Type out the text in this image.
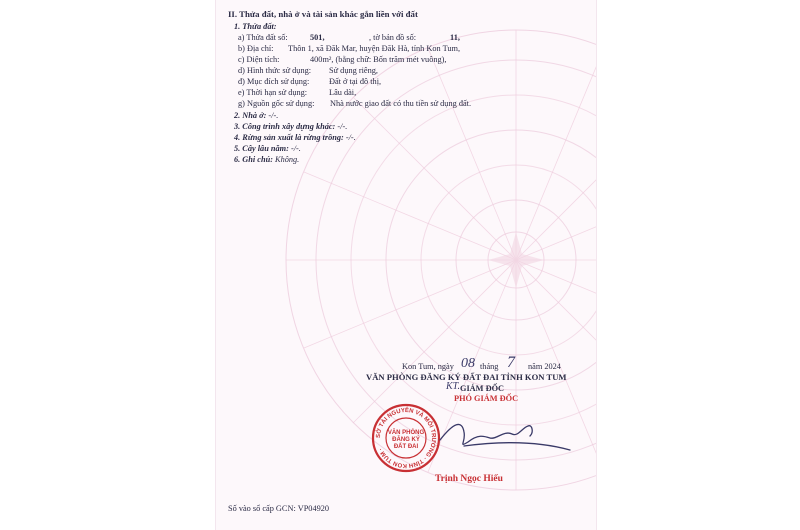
II. Thửa đất, nhà ở và tài sản khác gắn liền với đất
1. Thửa đất:
a) Thửa đất số:	501,	, tờ bản đồ số:	11,
b) Địa chỉ: Thôn 1, xã Đăk Mar, huyện Đăk Hà, tỉnh Kon Tum,
c) Diện tích:	400m², (bằng chữ: Bốn trăm mét vuông),
d) Hình thức sử dụng: Sử dụng riêng,
đ) Mục đích sử dụng: Đất ở tại đô thị,
e) Thời hạn sử dụng:	Lâu dài,
g) Nguồn gốc sử dụng: Nhà nước giao đất có thu tiền sử dụng đất.
2. Nhà ở: -/-.
3. Công trình xây dựng khác: -/-.
4. Rừng sản xuất là rừng trồng: -/-.
5. Cây lâu năm: -/-.
6. Ghi chú: Không.
Kon Tum, ngày 08 tháng 7 năm 2024
VĂN PHÒNG ĐĂNG KÝ ĐẤT ĐAI TỈNH KON TUM
KT. GIÁM ĐỐC
PHÓ GIÁM ĐỐC
SỞ TÀI NGUYÊN VÀ MÔI TRƯỜNG · TỈNH KON TUM ·
VĂN PHÒNG
ĐĂNG KÝ
ĐẤT ĐAI
Trịnh Ngọc Hiếu
Số vào sổ cấp GCN: VP04920
